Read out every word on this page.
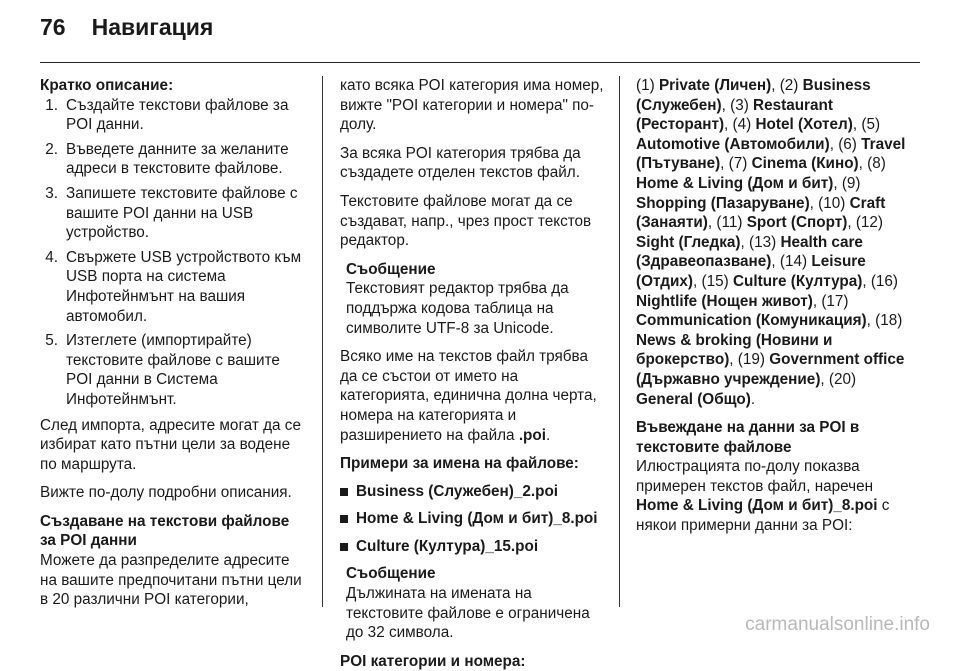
76 Навигация
Кратко описание:
1. Създайте текстови файлове за POI данни.
2. Въведете данните за желаните адреси в текстовите файлове.
3. Запишете текстовите файлове с вашите POI данни на USB устройство.
4. Свържете USB устройството към USB порта на система Инфотейнмънт на вашия автомобил.
5. Изтеглете (импортирайте) текстовите файлове с вашите POI данни в Система Инфотейнмънт.
След импорта, адресите могат да се избират като пътни цели за водене по маршрута.
Вижте по-долу подробни описания.
Създаване на текстови файлове за POI данни
Можете да разпределите адресите на вашите предпочитани пътни цели в 20 различни POI категории,
като всяка POI категория има номер, вижте "POI категории и номера" по-долу.
За всяка POI категория трябва да създадете отделен текстов файл.
Текстовите файлове могат да се създават, напр., чрез прост текстов редактор.
Съобщение
Текстовият редактор трябва да поддържа кодова таблица на символите UTF-8 за Unicode.
Всяко име на текстов файл трябва да се състои от името на категорията, единична долна черта, номера на категорията и разширението на файла .poi.
Примери за имена на файлове:
Business (Служебен)_2.poi
Home & Living (Дом и бит)_8.poi
Culture (Култура)_15.poi
Съобщение
Дължината на имената на текстовите файлове е ограничена до 32 символа.
POI категории и номера:
(1) Private (Личен), (2) Business (Служебен), (3) Restaurant (Ресторант), (4) Hotel (Хотел), (5) Automotive (Автомобили), (6) Travel (Пътуване), (7) Cinema (Кино), (8) Home & Living (Дом и бит), (9) Shopping (Пазаруване), (10) Craft (Занаяти), (11) Sport (Спорт), (12) Sight (Гледка), (13) Health care (Здравеопазване), (14) Leisure (Отдих), (15) Culture (Култура), (16) Nightlife (Нощен живот), (17) Communication (Комуникация), (18) News & broking (Новини и брокерство), (19) Government office (Държавно учреждение), (20) General (Общо).
Въвеждане на данни за POI в текстовите файлове
Илюстрацията по-долу показва примерен текстов файл, наречен Home & Living (Дом и бит)_8.poi с някои примерни данни за POI:
carmanualsonline.info
